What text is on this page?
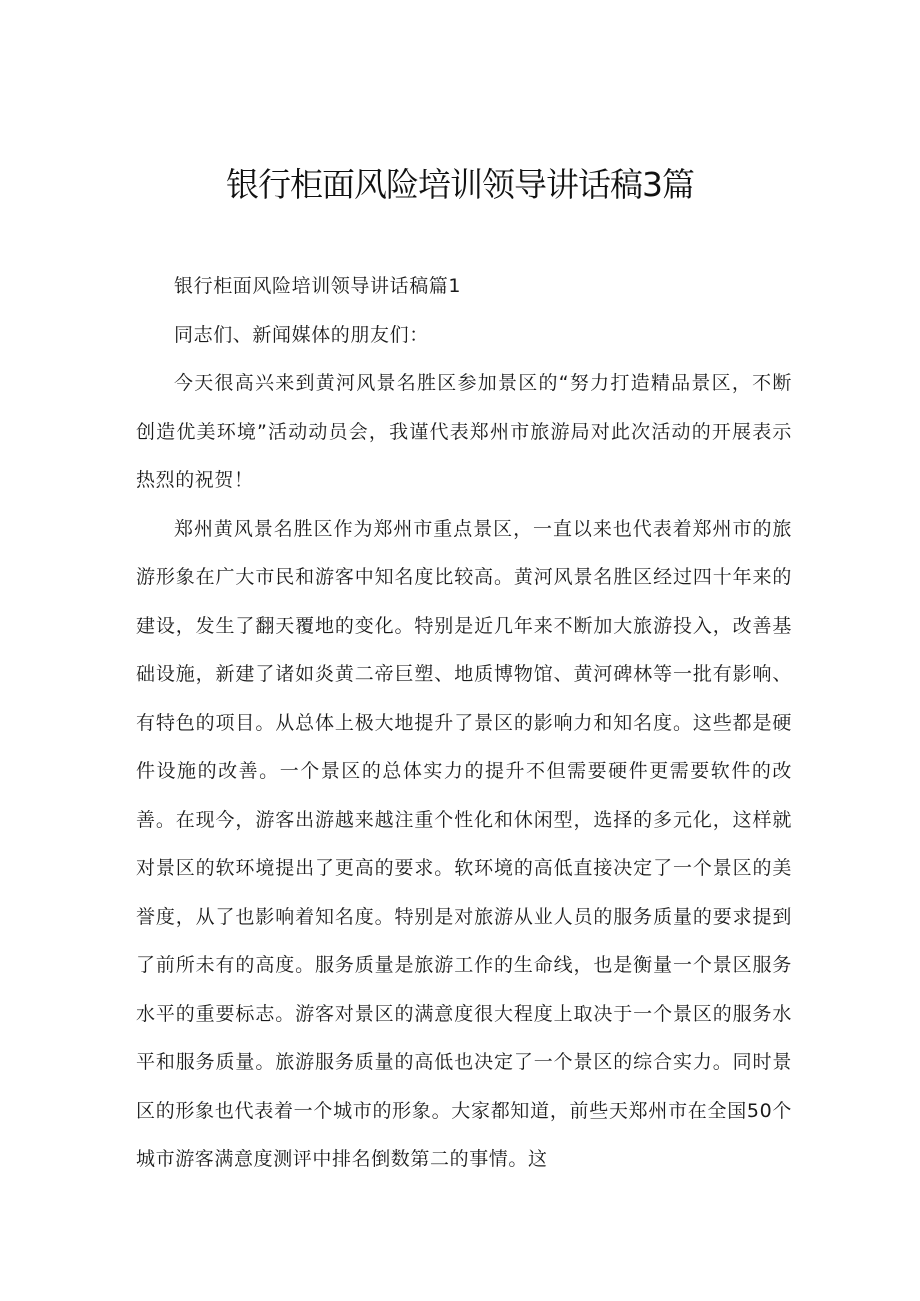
银行柜面风险培训领导讲话稿3篇

银行柜面风险培训领导讲话稿篇1

同志们、新闻媒体的朋友们：

今天很高兴来到黄河风景名胜区参加景区的“努力打造精品景区，不断创造优美环境”活动动员会，我谨代表郑州市旅游局对此次活动的开展表示热烈的祝贺！

郑州黄风景名胜区作为郑州市重点景区，一直以来也代表着郑州市的旅游形象在广大市民和游客中知名度比较高。黄河风景名胜区经过四十年来的建设，发生了翻天覆地的变化。特别是近几年来不断加大旅游投入，改善基础设施，新建了诸如炎黄二帝巨塑、地质博物馆、黄河碑林等一批有影响、有特色的项目。从总体上极大地提升了景区的影响力和知名度。这些都是硬件设施的改善。一个景区的总体实力的提升不但需要硬件更需要软件的改善。在现今，游客出游越来越注重个性化和休闲型，选择的多元化，这样就对景区的软环境提出了更高的要求。软环境的高低直接决定了一个景区的美誉度，从了也影响着知名度。特别是对旅游从业人员的服务质量的要求提到了前所未有的高度。服务质量是旅游工作的生命线，也是衡量一个景区服务水平的重要标志。游客对景区的满意度很大程度上取决于一个景区的服务水平和服务质量。旅游服务质量的高低也决定了一个景区的综合实力。同时景区的形象也代表着一个城市的形象。大家都知道，前些天郑州市在全国50个城市游客满意度测评中排名倒数第二的事情。这
